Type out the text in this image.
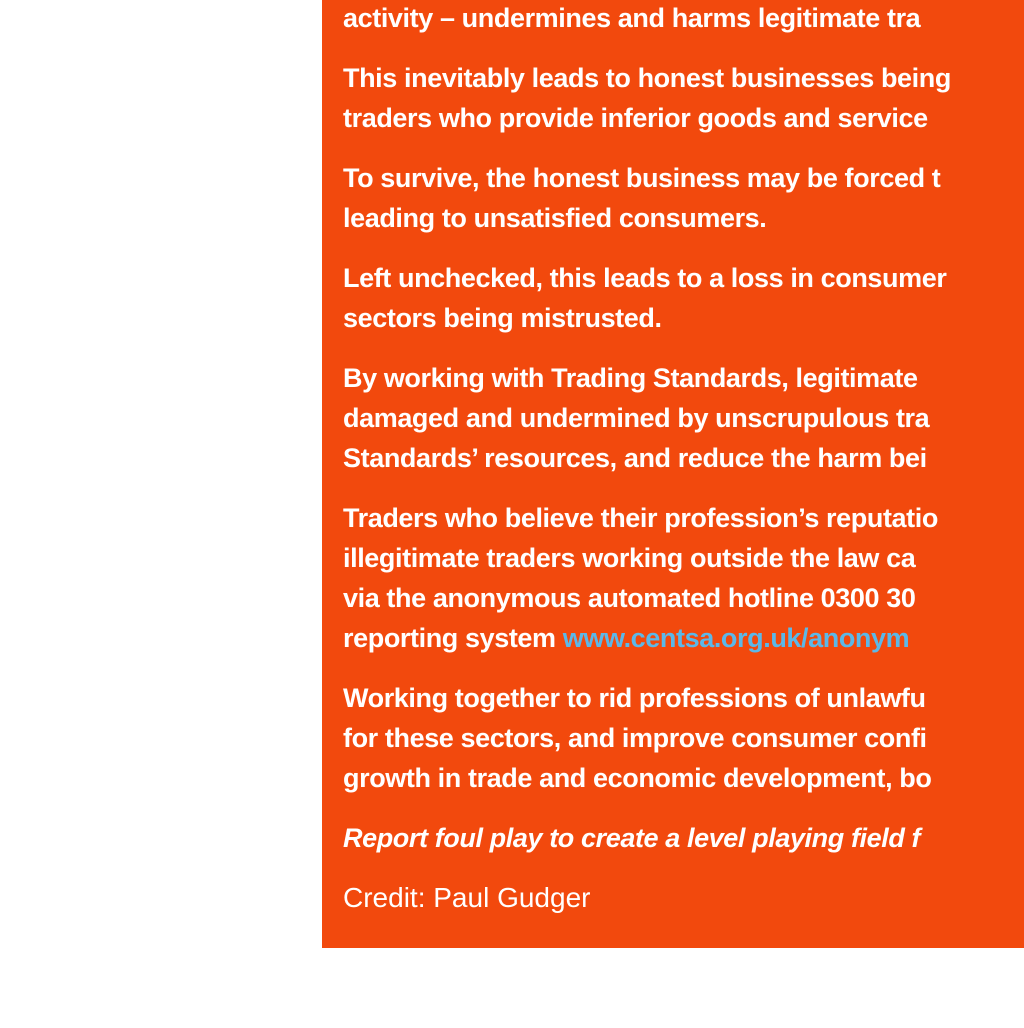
activity – undermines and harms legitimate tra
This inevitably leads to honest businesses being
traders who provide inferior goods and service
To survive, the honest business may be forced t
leading to unsatisfied consumers.
Left unchecked, this leads to a loss in consumer
sectors being mistrusted.
By working with Trading Standards, legitimate
damaged and undermined by unscrupulous tra
Standards’ resources, and reduce the harm bei
Traders who believe their profession’s reputatio
illegitimate traders working outside the law ca
via the anonymous automated hotline 0300 30
reporting system www.centsa.org.uk/anonym
Working together to rid professions of unlawfu
for these sectors, and improve consumer confi
growth in trade and economic development, bo
Report foul play to create a level playing field f
Credit: Paul Gudger
